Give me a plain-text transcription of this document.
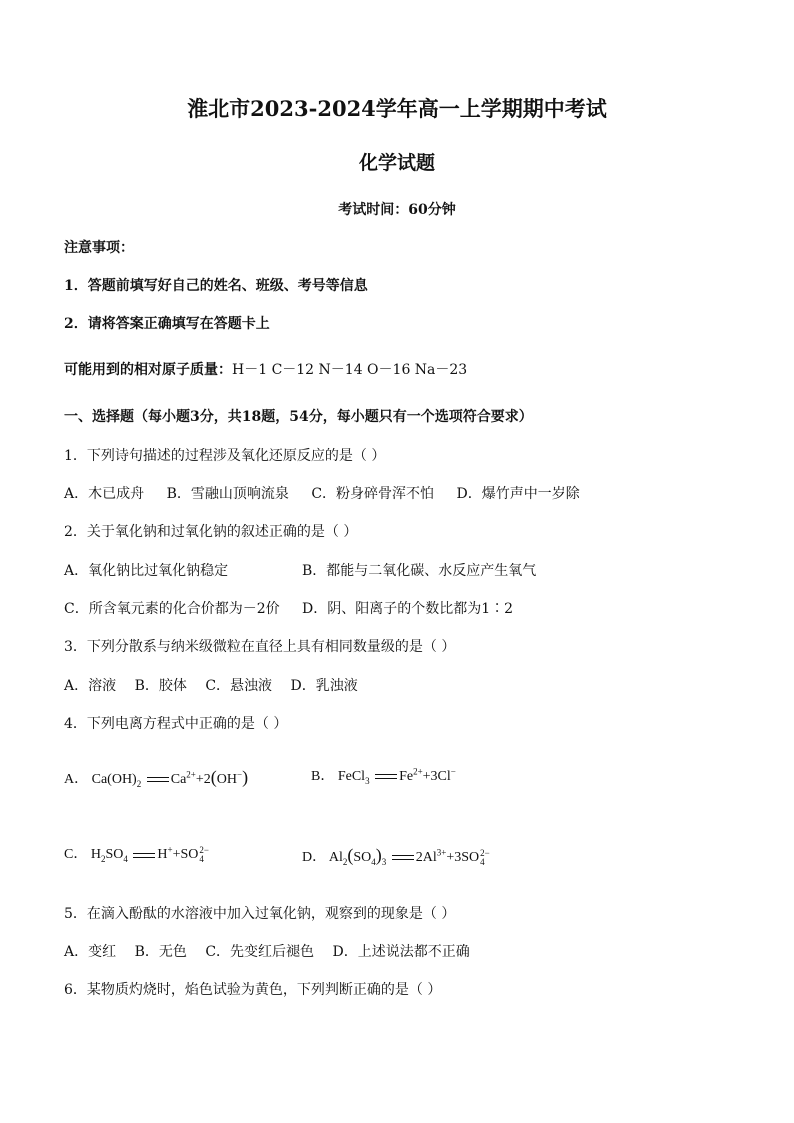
淮北市2023-2024学年高一上学期期中考试
化学试题
考试时间：60分钟
注意事项：
1．答题前填写好自己的姓名、班级、考号等信息
2．请将答案正确填写在答题卡上
可能用到的相对原子质量：H－1 C－12 N－14 O－16 Na－23
一、选择题（每小题3分，共18题，54分，每小题只有一个选项符合要求）
1．下列诗句描述的过程涉及氧化还原反应的是（ ）
A．木已成舟 B．雪融山顶响流泉 C．粉身碎骨浑不怕 D．爆竹声中一岁除
2．关于氧化钠和过氧化钠的叙述正确的是（ ）
A．氧化钠比过氧化钠稳定	B．都能与二氧化碳、水反应产生氧气
C．所含氧元素的化合价都为－2价 D．阴、阳离子的个数比都为1∶2
3．下列分散系与纳米级微粒在直径上具有相同数量级的是（ ）
A．溶液 B．胶体 C．悬浊液 D．乳浊液
4．下列电离方程式中正确的是（ ）
A． $Ca(OH)_2$ $Ca^{2+}+2(OH^-)$	B． FeCl$_3$ $Fe^{2+}+3Cl^-$
C． $H_2SO_4$ H++SO 2−
4	D． $Al_2(SO_4)_3$ $2Al^{3+}+3SO$ 2−
4
5．在滴入酚酞的水溶液中加入过氧化钠，观察到的现象是（ ）
A．变红 B．无色 C．先变红后褪色 D．上述说法都不正确
6．某物质灼烧时，焰色试验为黄色，下列判断正确的是（ ）
